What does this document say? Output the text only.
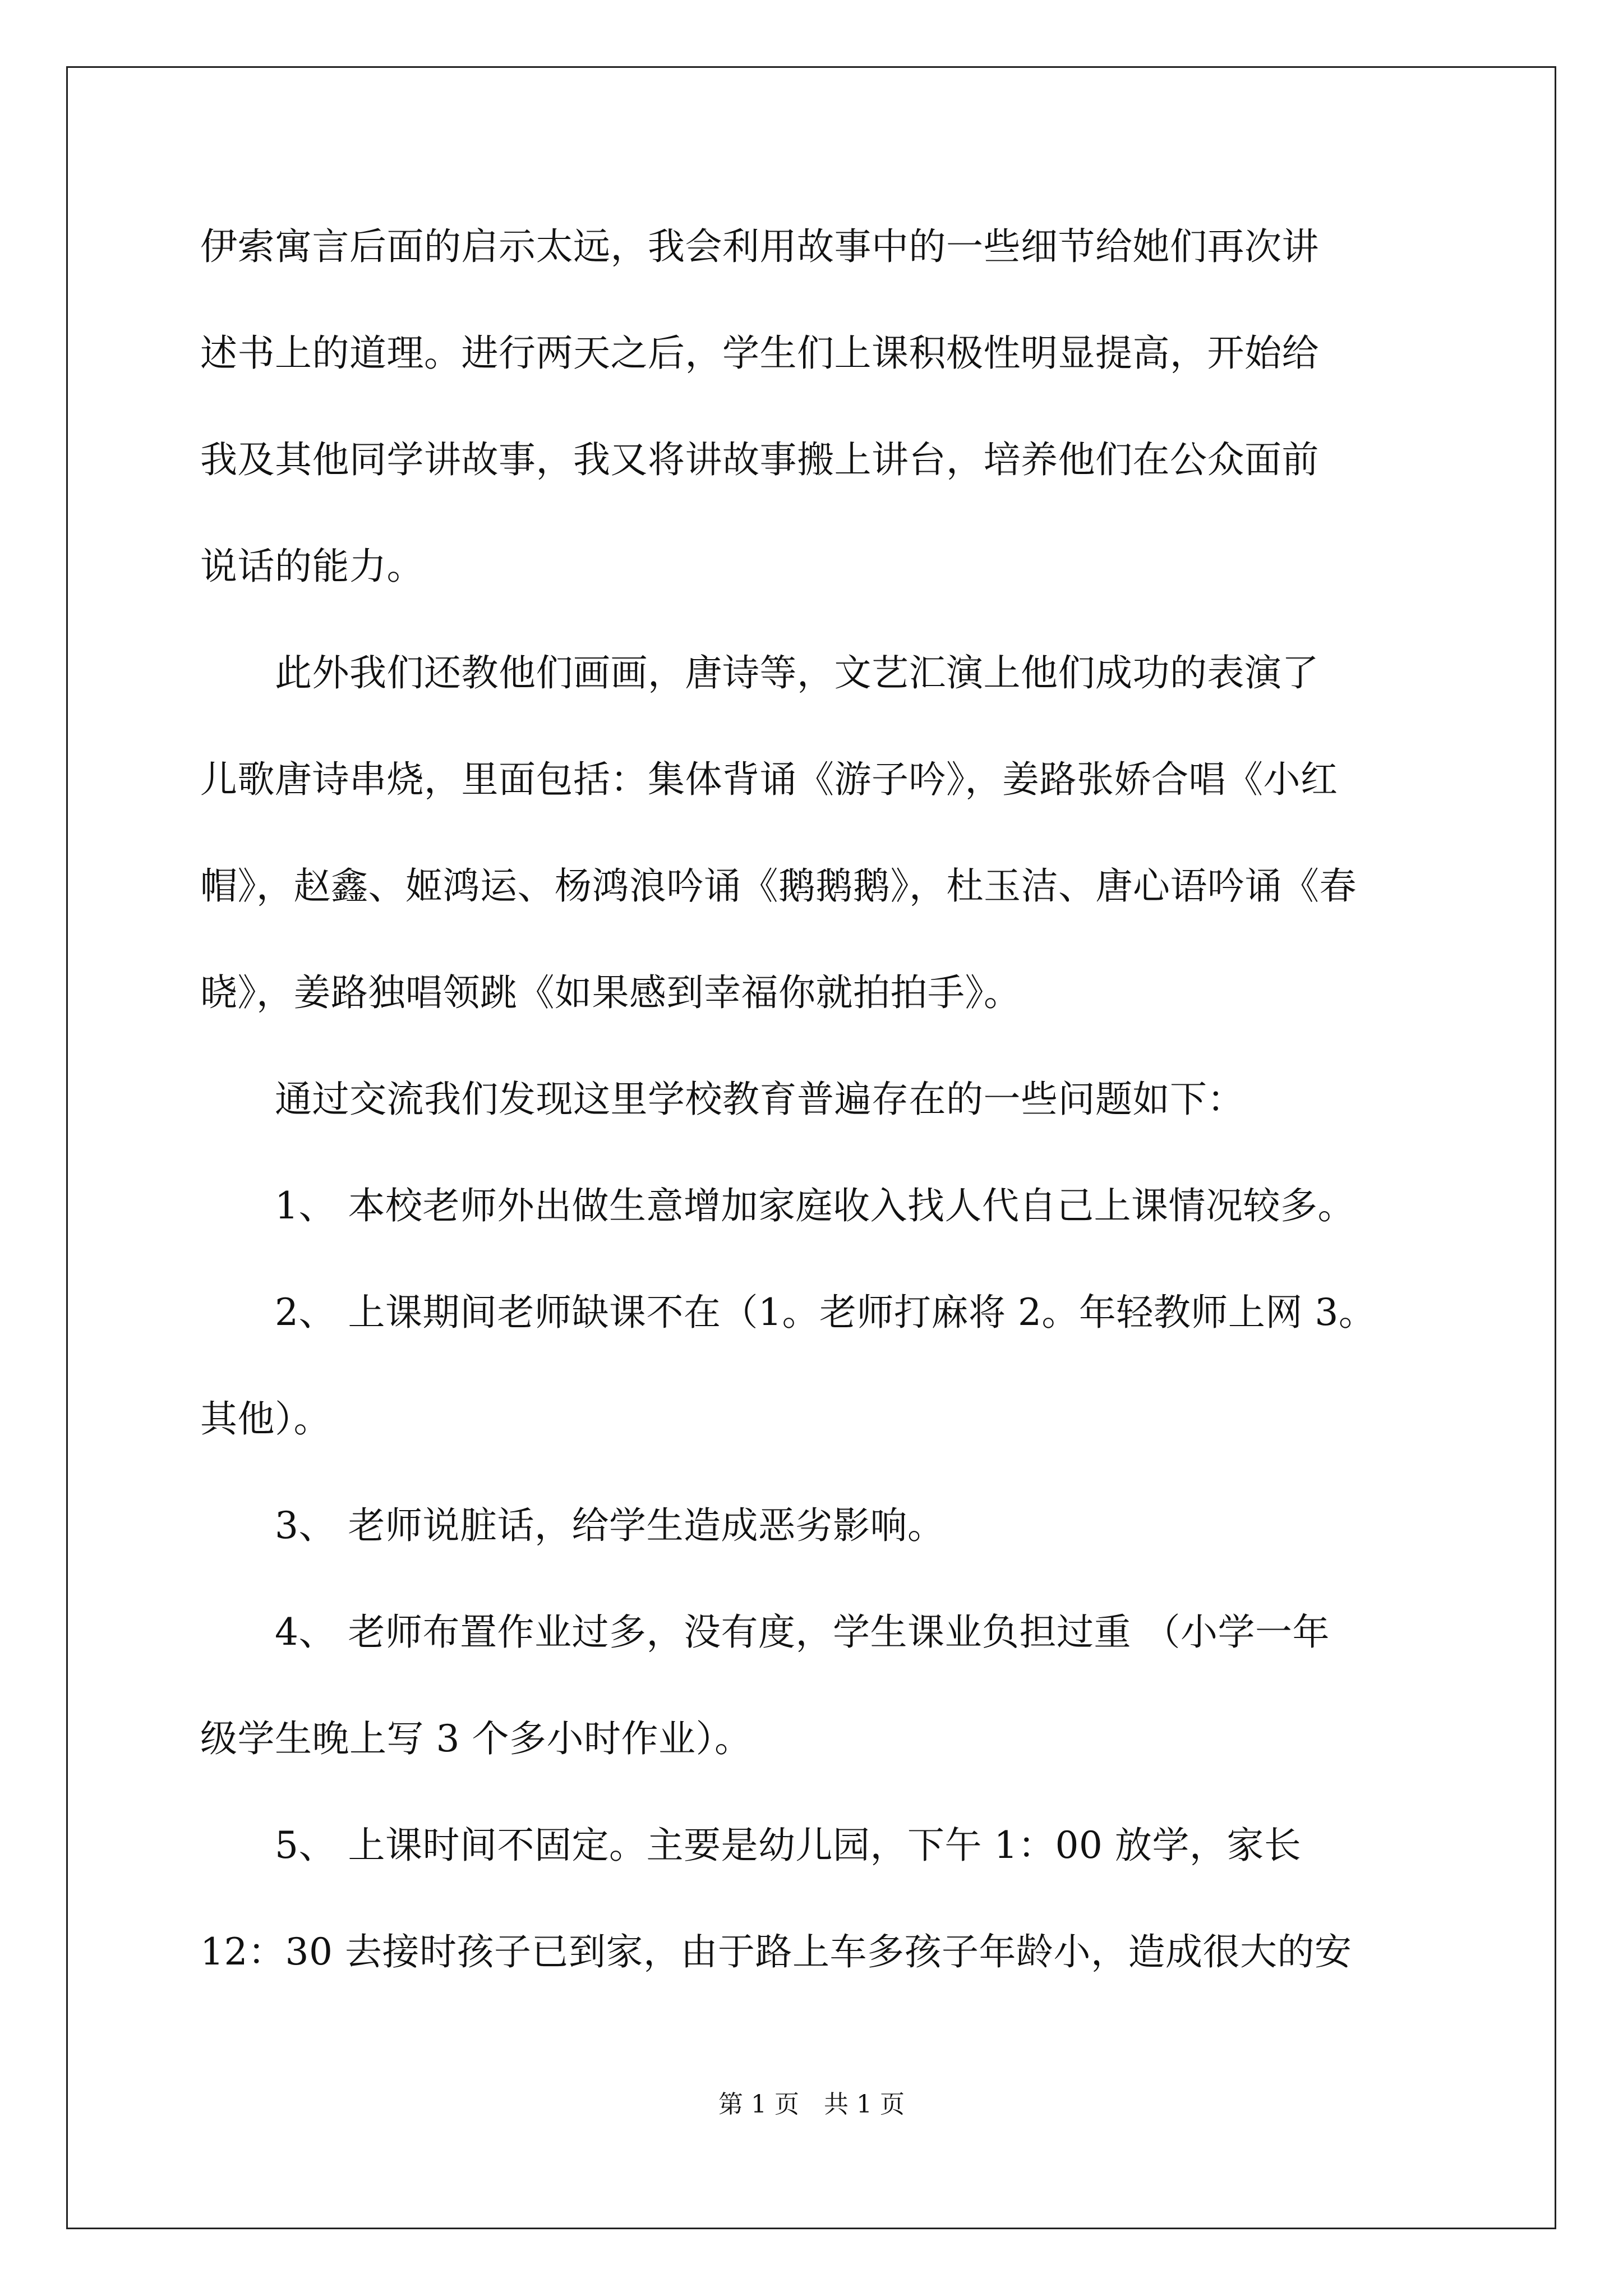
伊索寓言后面的启示太远，我会利用故事中的一些细节给她们再次讲
述书上的道理。进行两天之后，学生们上课积极性明显提高，开始给
我及其他同学讲故事，我又将讲故事搬上讲台，培养他们在公众面前
说话的能力。
　　此外我们还教他们画画，唐诗等，文艺汇演上他们成功的表演了
儿歌唐诗串烧，里面包括：集体背诵《游子吟》，姜路张娇合唱《小红
帽》，赵鑫、姬鸿运、杨鸿浪吟诵《鹅鹅鹅》，杜玉洁、唐心语吟诵《春
晓》，姜路独唱领跳《如果感到幸福你就拍拍手》。
　　通过交流我们发现这里学校教育普遍存在的一些问题如下：
　　1、 本校老师外出做生意增加家庭收入找人代自己上课情况较多。
　　2、 上课期间老师缺课不在（1。老师打麻将 2。年轻教师上网 3。
其他）。
　　3、 老师说脏话，给学生造成恶劣影响。
　　4、 老师布置作业过多，没有度，学生课业负担过重 （小学一年
级学生晚上写 3 个多小时作业）。
　　5、 上课时间不固定。主要是幼儿园，下午 1：00 放学，家长
12：30 去接时孩子已到家，由于路上车多孩子年龄小，造成很大的安
第 1 页　共 1 页
